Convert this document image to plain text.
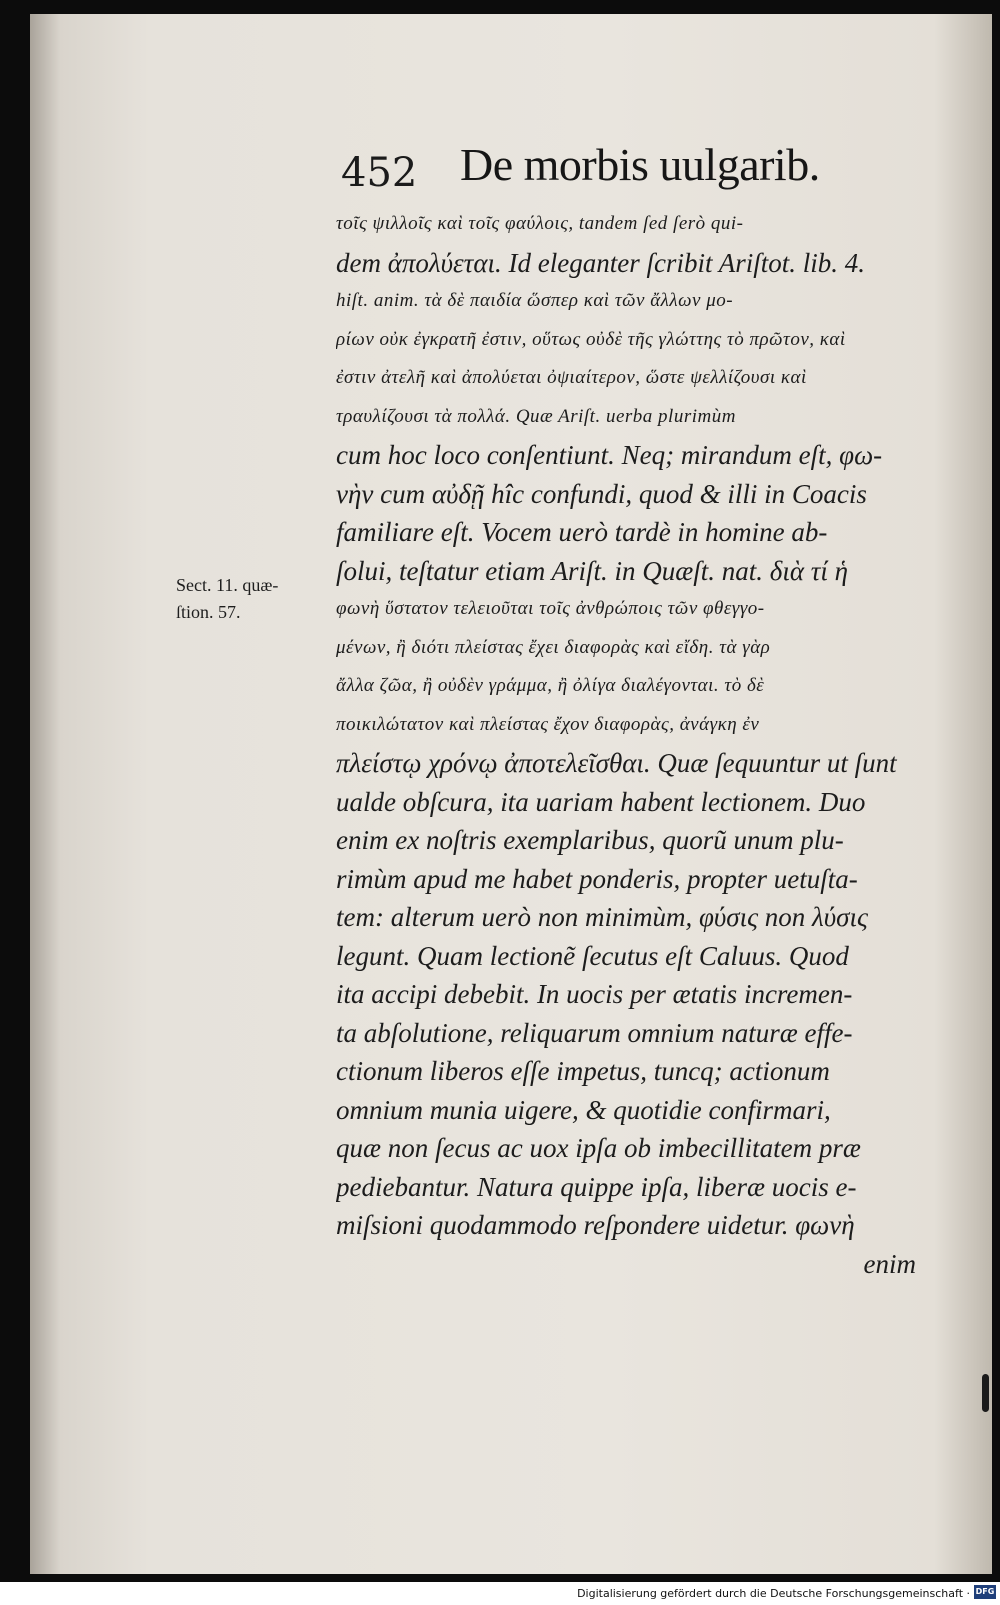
452 De morbis uulgarib.
τοῖς ψιλλοῖς καὶ τοῖς φαύλοις, tandem ſed ſerò qui-
dem ἀπολύεται. Id eleganter ſcribit Ariſtot. lib. 4.
hiſt. anim. τὰ δὲ παιδία ὥσπερ καὶ τῶν ἄλλων μο-
ρίων οὐκ ἐγκρατῆ ἐστιν, οὕτως οὐδὲ τῆς γλώττης τὸ πρῶτον, καὶ
ἐστιν ἀτελῆ καὶ ἀπολύεται ὀψιαίτερον, ὥστε ψελλίζουσι καὶ
τραυλίζουσι τὰ πολλά. Quæ Ariſt. uerba plurimùm
cum hoc loco conſentiunt. Neq; mirandum eſt, φω-
νὴν cum αὐδῇ hîc confundi, quod & illi in Coacis
familiare eſt. Vocem uerò tardè in homine ab-
ſolui, teſtatur etiam Ariſt. in Quæſt. nat. διὰ τί ἡ
φωνὴ ὕστατον τελειοῦται τοῖς ἀνθρώποις τῶν φθεγγο-
μένων, ἢ διότι πλείστας ἔχει διαφορὰς καὶ εἴδη. τὰ γὰρ
ἄλλα ζῶα, ἢ οὐδὲν γράμμα, ἢ ὀλίγα διαλέγονται. τὸ δὲ
ποικιλώτατον καὶ πλείστας ἔχον διαφορὰς, ἀνάγκη ἐν
πλείστῳ χρόνῳ ἀποτελεῖσθαι. Quæ ſequuntur ut ſunt
ualde obſcura, ita uariam habent lectionem. Duo
enim ex noſtris exemplaribus, quorũ unum plu-
rimùm apud me habet ponderis, propter uetuſta-
tem: alterum uerò non minimùm, φύσις non λύσις
legunt. Quam lectionẽ ſecutus eſt Caluus. Quod
ita accipi debebit. In uocis per ætatis incremen-
ta abſolutione, reliquarum omnium naturæ effe-
ctionum liberos eſſe impetus, tuncq; actionum
omnium munia uigere, & quotidie confirmari,
quæ non ſecus ac uox ipſa ob imbecillitatem præ
pediebantur. Natura quippe ipſa, liberæ uocis e-
miſsioni quodammodo reſpondere uidetur. φωνὴ
enim
Sect. 11. quæ-
ſtion. 57.
Digitalisierung gefördert durch die Deutsche Forschungsgemeinschaft · DFG
